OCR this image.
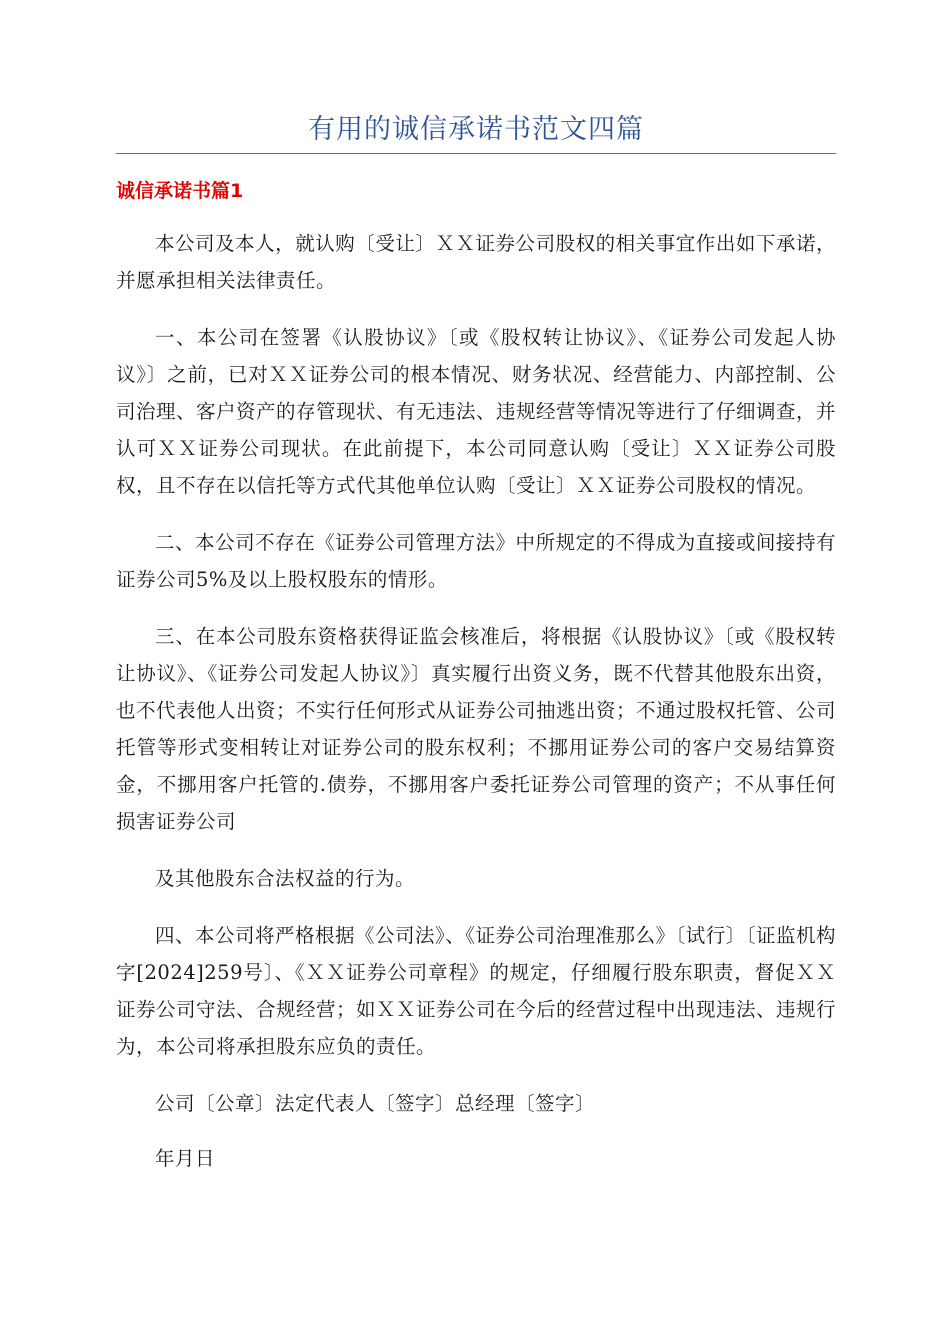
有用的诚信承诺书范文四篇
诚信承诺书篇1

本公司及本人，就认购〔受让〕ＸＸ证券公司股权的相关事宜作出如下承诺，并愿承担相关法律责任。

一、本公司在签署《认股协议》〔或《股权转让协议》、《证券公司发起人协议》〕之前，已对ＸＸ证券公司的根本情况、财务状况、经营能力、内部控制、公司治理、客户资产的存管现状、有无违法、违规经营等情况等进行了仔细调查，并认可ＸＸ证券公司现状。在此前提下，本公司同意认购〔受让〕ＸＸ证券公司股权，且不存在以信托等方式代其他单位认购〔受让〕ＸＸ证券公司股权的情况。

二、本公司不存在《证券公司管理方法》中所规定的不得成为直接或间接持有证券公司5%及以上股权股东的情形。

三、在本公司股东资格获得证监会核准后，将根据《认股协议》〔或《股权转让协议》、《证券公司发起人协议》〕真实履行出资义务，既不代替其他股东出资，也不代表他人出资；不实行任何形式从证券公司抽逃出资；不通过股权托管、公司托管等形式变相转让对证券公司的股东权利；不挪用证券公司的客户交易结算资金，不挪用客户托管的.债券，不挪用客户委托证券公司管理的资产；不从事任何损害证券公司

及其他股东合法权益的行为。

四、本公司将严格根据《公司法》、《证券公司治理准那么》〔试行〕〔证监机构字[2024]259号〕、《ＸＸ证券公司章程》的规定，仔细履行股东职责，督促ＸＸ证券公司守法、合规经营；如ＸＸ证券公司在今后的经营过程中出现违法、违规行为，本公司将承担股东应负的责任。

公司〔公章〕法定代表人〔签字〕总经理〔签字〕

年月日
